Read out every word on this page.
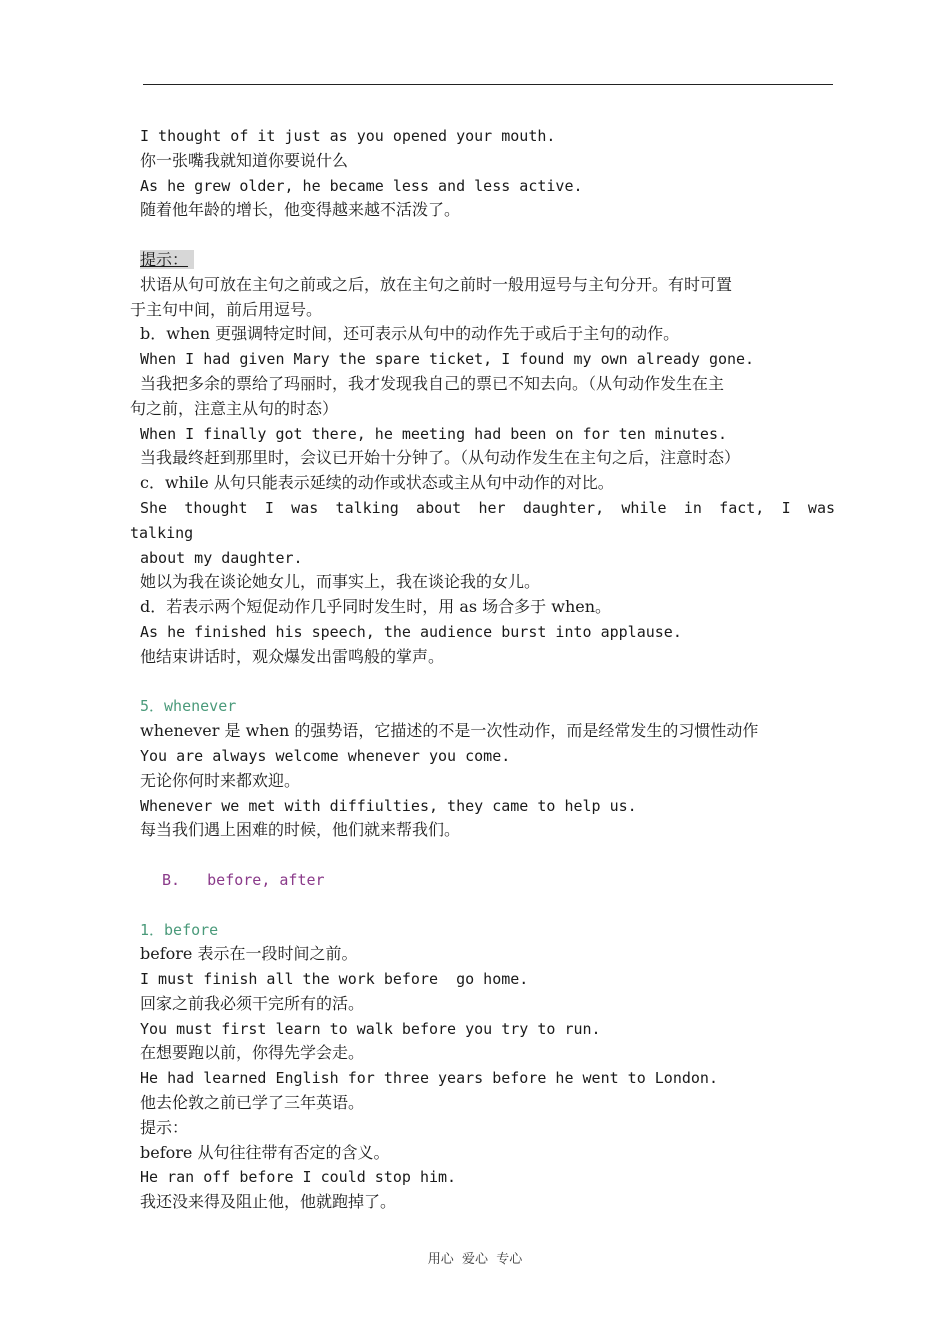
I thought of it just as you opened your mouth.
你一张嘴我就知道你要说什么
As he grew older, he became less and less active.
随着他年龄的增长，他变得越来越不活泼了。
提示：
状语从句可放在主句之前或之后，放在主句之前时一般用逗号与主句分开。有时可置
于主句中间，前后用逗号。
b．when 更强调特定时间，还可表示从句中的动作先于或后于主句的动作。
When I had given Mary the spare ticket, I found my own already gone.
当我把多余的票给了玛丽时，我才发现我自己的票已不知去向。（从句动作发生在主
句之前，注意主从句的时态）
When I finally got there, he meeting had been on for ten minutes.
当我最终赶到那里时，会议已开始十分钟了。（从句动作发生在主句之后，注意时态）
c．while 从句只能表示延续的动作或状态或主从句中动作的对比。
She thought I was talking about her daughter, while in fact, I was
talking
about my daughter.
她以为我在谈论她女儿，而事实上，我在谈论我的女儿。
d．若表示两个短促动作几乎同时发生时，用 as 场合多于 when。
As he finished his speech, the audience burst into applause.
他结束讲话时，观众爆发出雷鸣般的掌声。
5．whenever
whenever 是 when 的强势语，它描述的不是一次性动作，而是经常发生的习惯性动作
You are always welcome whenever you come.
无论你何时来都欢迎。
Whenever we met with diffiulties, they came to help us.
每当我们遇上困难的时候，他们就来帮我们。
B.   before, after
1．before
before 表示在一段时间之前。
I must finish all the work before  go home.
回家之前我必须干完所有的活。
You must first learn to walk before you try to run.
在想要跑以前，你得先学会走。
He had learned English for three years before he went to London.
他去伦敦之前已学了三年英语。
提示：
before 从句往往带有否定的含义。
He ran off before I could stop him.
我还没来得及阻止他，他就跑掉了。
用心  爱心  专心
